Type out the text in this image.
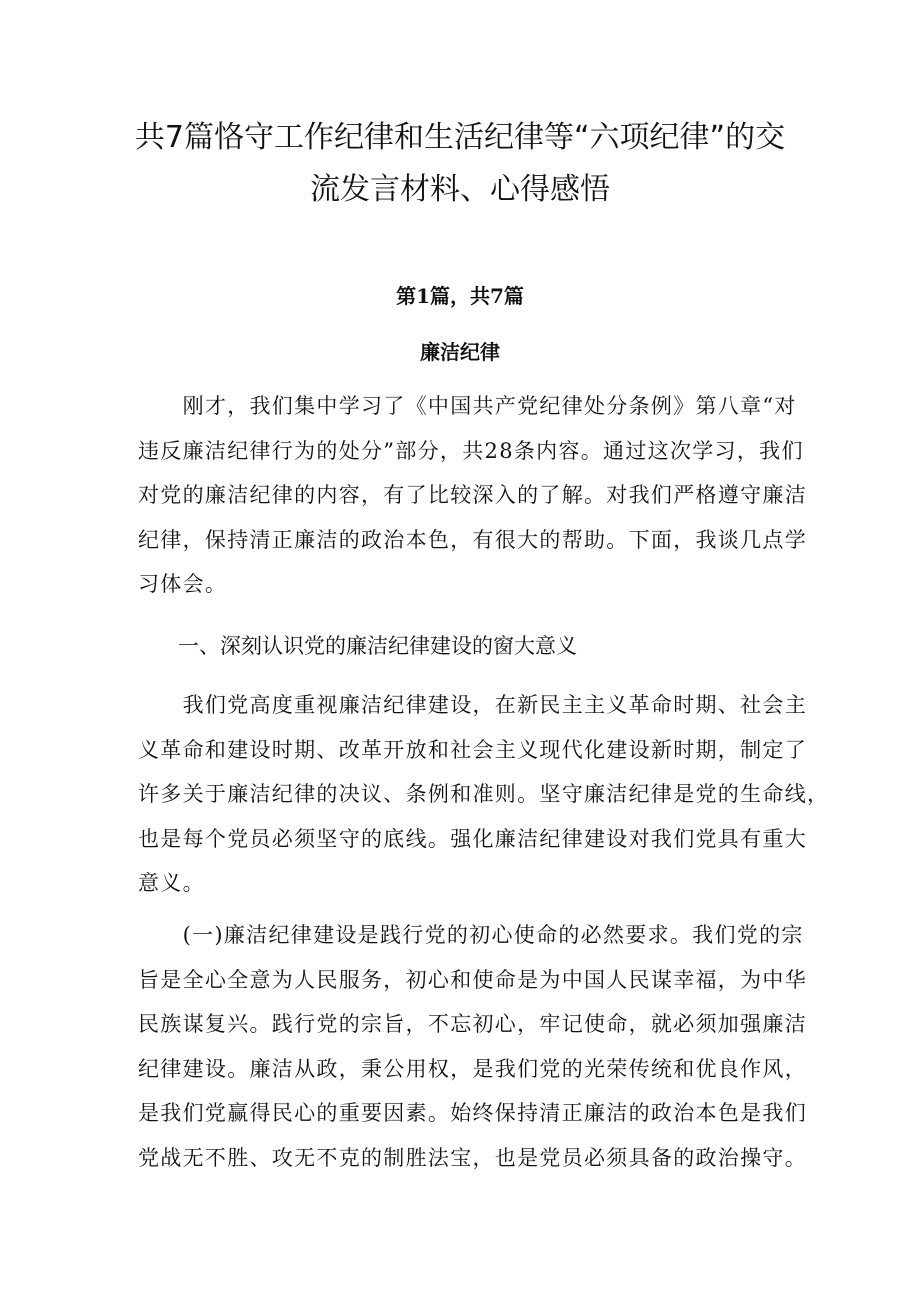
共7篇恪守工作纪律和生活纪律等“六项纪律”的交
流发言材料、心得感悟
第1篇，共7篇
廉洁纪律
　　刚才，我们集中学习了《中国共产党纪律处分条例》第八章“对
违反廉洁纪律行为的处分”部分，共28条内容。通过这次学习，我们
对党的廉洁纪律的内容，有了比较深入的了解。对我们严格遵守廉洁
纪律，保持清正廉洁的政治本色，有很大的帮助。下面，我谈几点学
习体会。
一、深刻认识党的廉洁纪律建设的窗大意义
　　我们党高度重视廉洁纪律建设，在新民主主义革命时期、社会主
义革命和建设时期、改革开放和社会主义现代化建设新时期，制定了
许多关于廉洁纪律的决议、条例和准则。坚守廉洁纪律是党的生命线，
也是每个党员必须坚守的底线。强化廉洁纪律建设对我们党具有重大
意义。
　　(一)廉洁纪律建设是践行党的初心使命的必然要求。我们党的宗
旨是全心全意为人民服务，初心和使命是为中国人民谋幸福，为中华
民族谋复兴。践行党的宗旨，不忘初心，牢记使命，就必须加强廉洁
纪律建设。廉洁从政，秉公用权，是我们党的光荣传统和优良作风，
是我们党赢得民心的重要因素。始终保持清正廉洁的政治本色是我们
党战无不胜、攻无不克的制胜法宝，也是党员必须具备的政治操守。
